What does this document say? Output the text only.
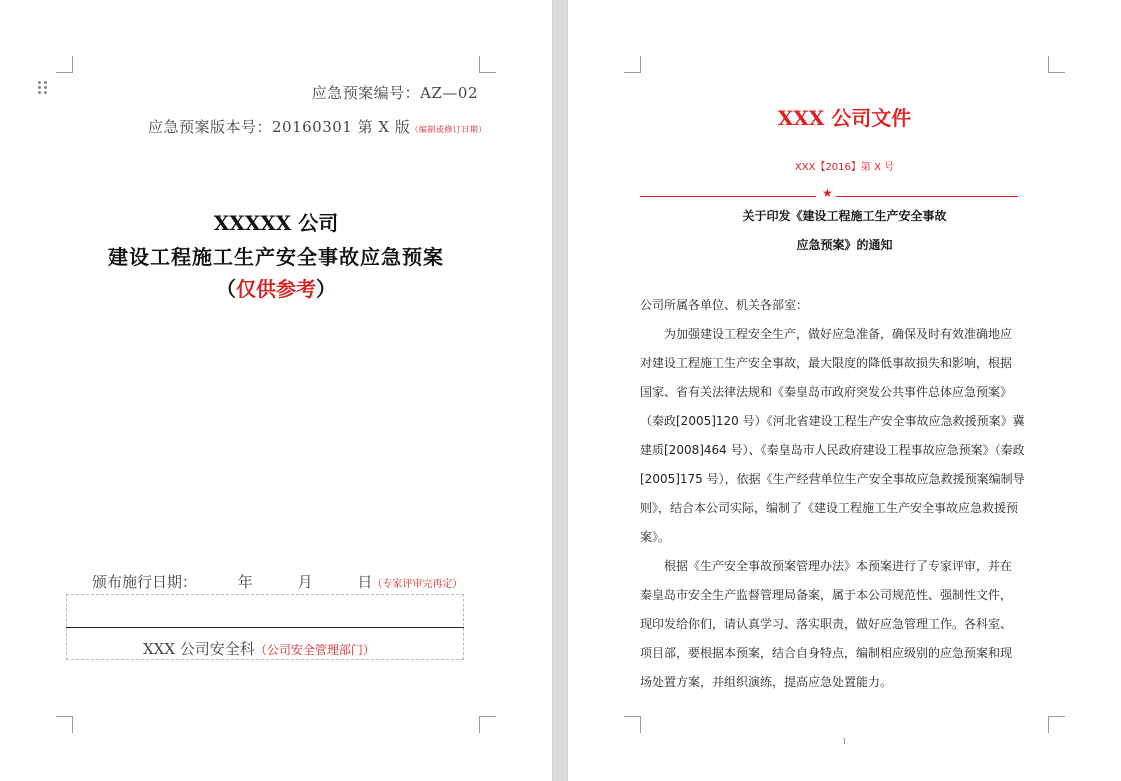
应急预案编号：AZ—02
应急预案版本号：20160301 第 X 版（编制或修订日期）
XXXXX 公司
建设工程施工生产安全事故应急预案
（仅供参考）
颁布施行日期：	年	月	日（专家评审完再定）
XXX 公司安全科（公司安全管理部门）
XXX 公司文件
XXX【2016】第 X 号
★
关于印发《建设工程施工生产安全事故
应急预案》的通知

公司所属各单位、机关各部室：

　　为加强建设工程安全生产，做好应急准备，确保及时有效准确地应

对建设工程施工生产安全事故，最大限度的降低事故损失和影响，根据

国家、省有关法律法规和《秦皇岛市政府突发公共事件总体应急预案》

（秦政[2005]120 号）《河北省建设工程生产安全事故应急救援预案》冀

建质[2008]464 号）、《秦皇岛市人民政府建设工程事故应急预案》（秦政

[2005]175 号），依据《生产经营单位生产安全事故应急救援预案编制导

则》，结合本公司实际，编制了《建设工程施工生产安全事故应急救援预

案》。

　　根据《生产安全事故预案管理办法》本预案进行了专家评审，并在

秦皇岛市安全生产监督管理局备案，属于本公司规范性、强制性文件，

现印发给你们，请认真学习、落实职责，做好应急管理工作。各科室、

项目部，要根据本预案，结合自身特点，编制相应级别的应急预案和现

场处置方案，并组织演练，提高应急处置能力。
